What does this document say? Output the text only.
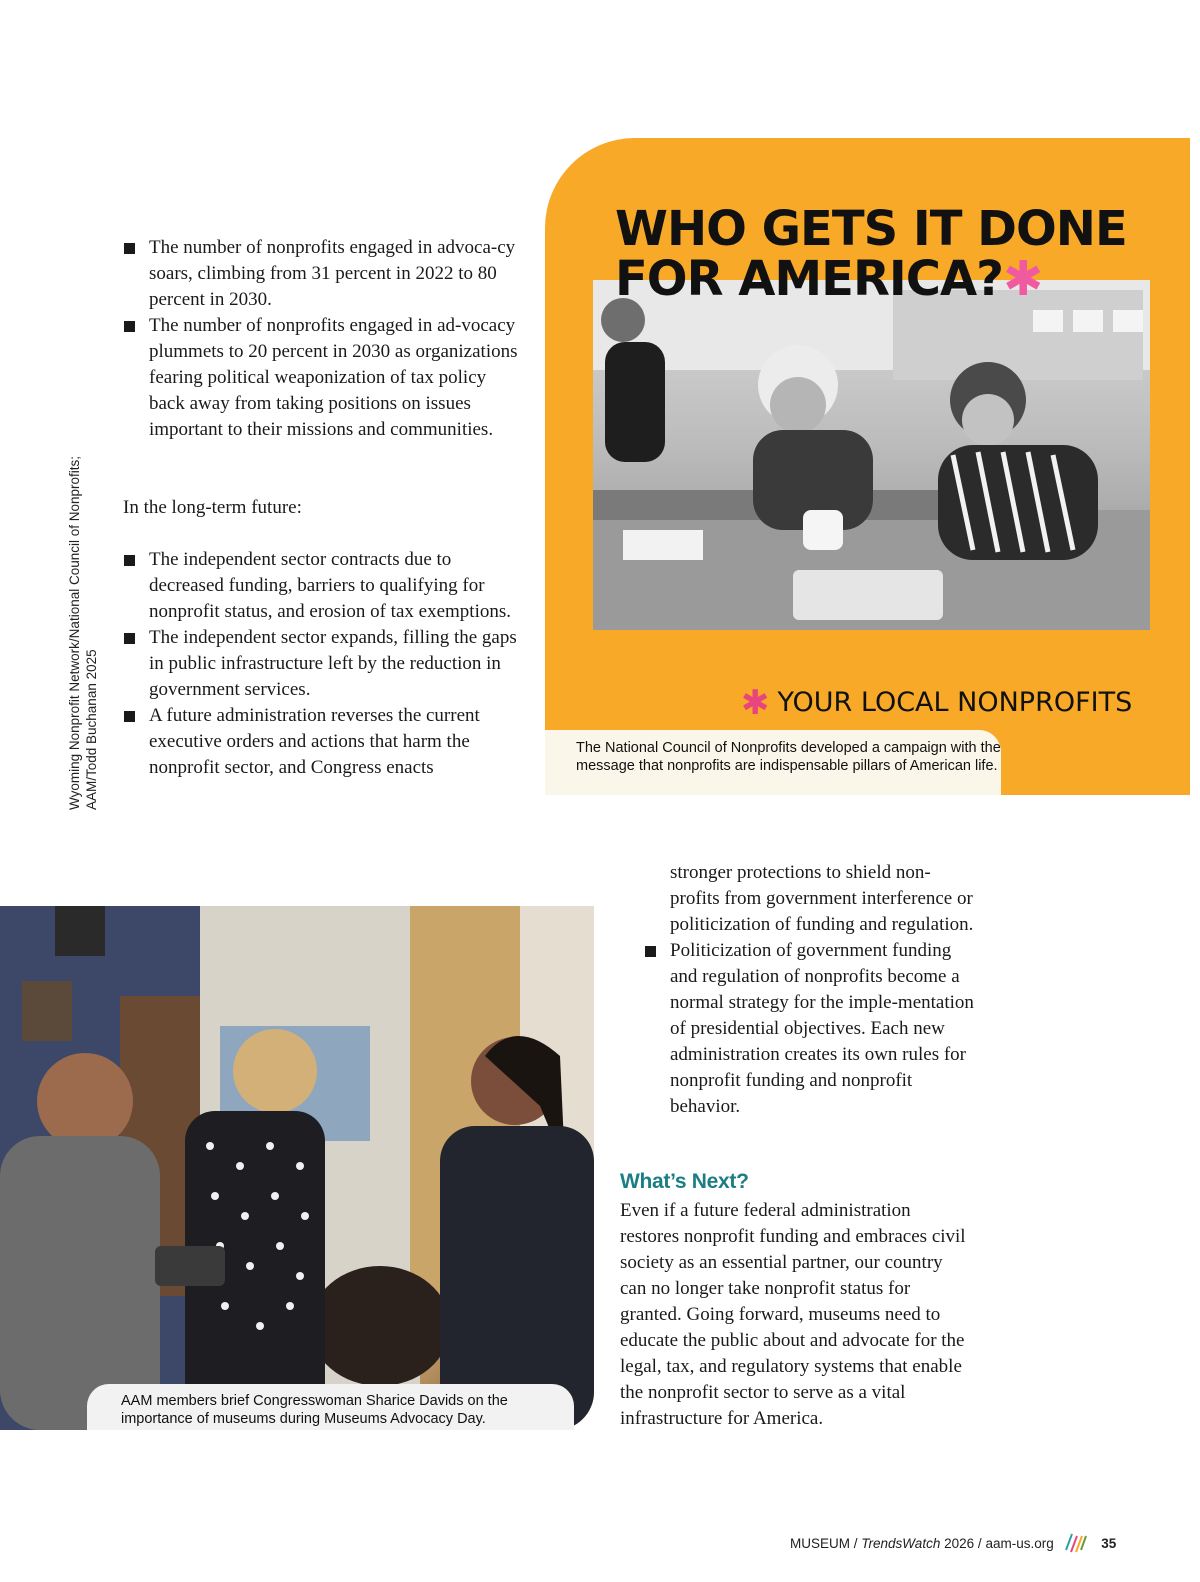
Wyoming Nonprofit Network/National Council of Nonprofits; AAM/Todd Buchanan 2025
The number of nonprofits engaged in advoca-cy soars, climbing from 31 percent in 2022 to 80 percent in 2030.
The number of nonprofits engaged in ad-vocacy plummets to 20 percent in 2030 as organizations fearing political weaponization of tax policy back away from taking positions on issues important to their missions and communities.

In the long-term future:

The independent sector contracts due to decreased funding, barriers to qualifying for nonprofit status, and erosion of tax exemptions.
The independent sector expands, filling the gaps in public infrastructure left by the reduction in government services.
A future administration reverses the current executive orders and actions that harm the nonprofit sector, and Congress enacts
WHO GETS IT DONE
FOR AMERICA?✱
✱ YOUR LOCAL NONPROFITS
The National Council of Nonprofits developed a campaign with the message that nonprofits are indispensable pillars of American life.
AAM members brief Congresswoman Sharice Davids on the importance of museums during Museums Advocacy Day.
stronger protections to shield non-profits from government interference or politicization of funding and regulation.
Politicization of government funding and regulation of nonprofits become a normal strategy for the imple-mentation of presidential objectives. Each new administration creates its own rules for nonprofit funding and nonprofit behavior.
What’s Next?
Even if a future federal administration restores nonprofit funding and embraces civil society as an essential partner, our country can no longer take nonprofit status for granted. Going forward, museums need to educate the public about and advocate for the legal, tax, and regulatory systems that enable the nonprofit sector to serve as a vital infrastructure for America.
MUSEUM / TrendsWatch 2026 / aam-us.org	35
